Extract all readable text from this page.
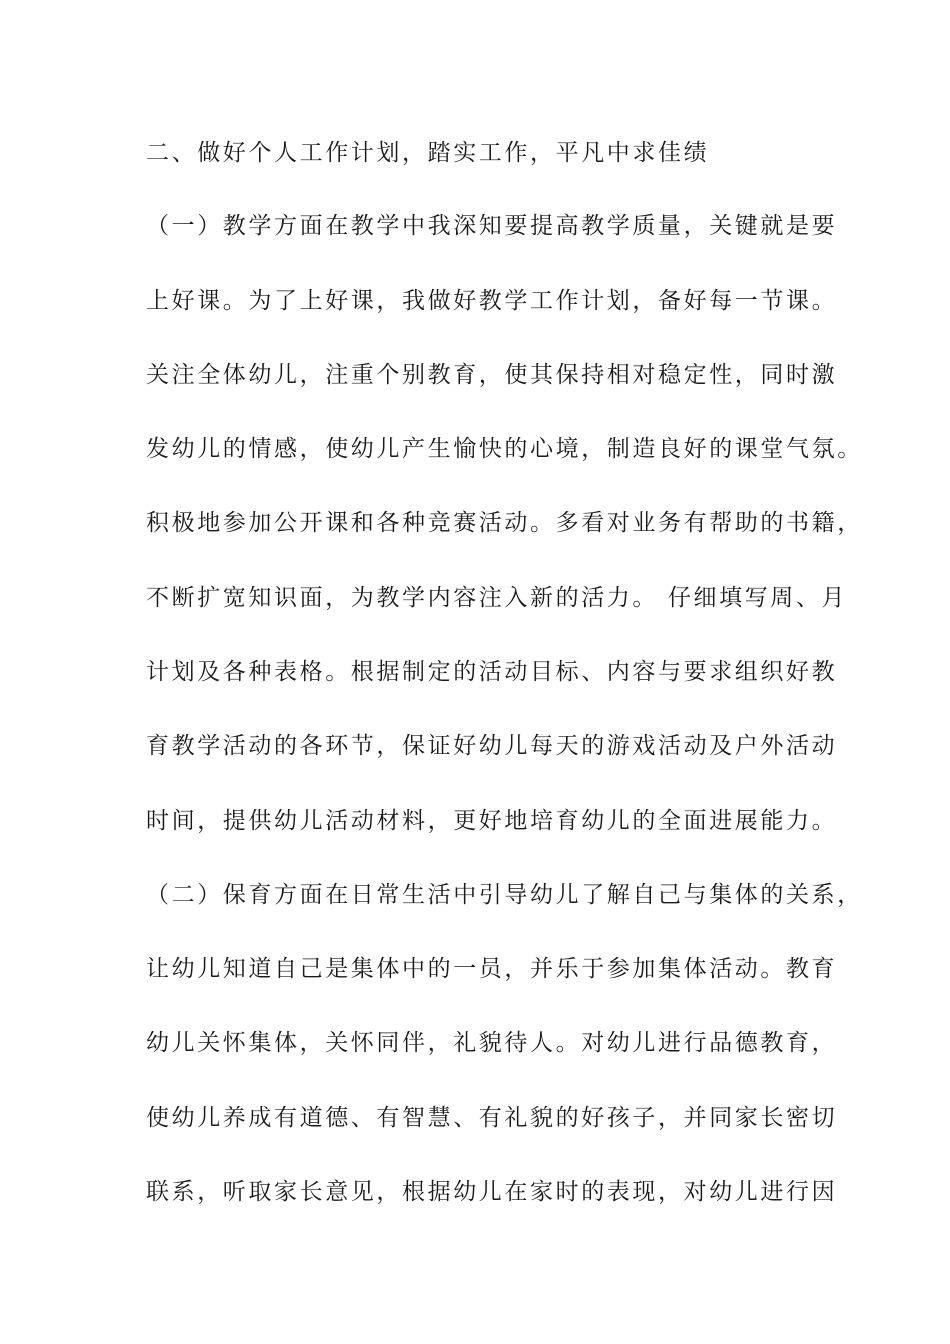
二、做好个人工作计划，踏实工作，平凡中求佳绩
（一）教学方面在教学中我深知要提高教学质量，关键就是要
上好课。为了上好课，我做好教学工作计划，备好每一节课。
关注全体幼儿，注重个别教育，使其保持相对稳定性，同时激
发幼儿的情感，使幼儿产生愉快的心境，制造良好的课堂气氛。
积极地参加公开课和各种竞赛活动。多看对业务有帮助的书籍，
不断扩宽知识面，为教学内容注入新的活力。 仔细填写周、月
计划及各种表格。根据制定的活动目标、内容与要求组织好教
育教学活动的各环节，保证好幼儿每天的游戏活动及户外活动
时间，提供幼儿活动材料，更好地培育幼儿的全面进展能力。
（二）保育方面在日常生活中引导幼儿了解自己与集体的关系，
让幼儿知道自己是集体中的一员，并乐于参加集体活动。教育
幼儿关怀集体，关怀同伴，礼貌待人。对幼儿进行品德教育，
使幼儿养成有道德、有智慧、有礼貌的好孩子，并同家长密切
联系，听取家长意见，根据幼儿在家时的表现，对幼儿进行因
